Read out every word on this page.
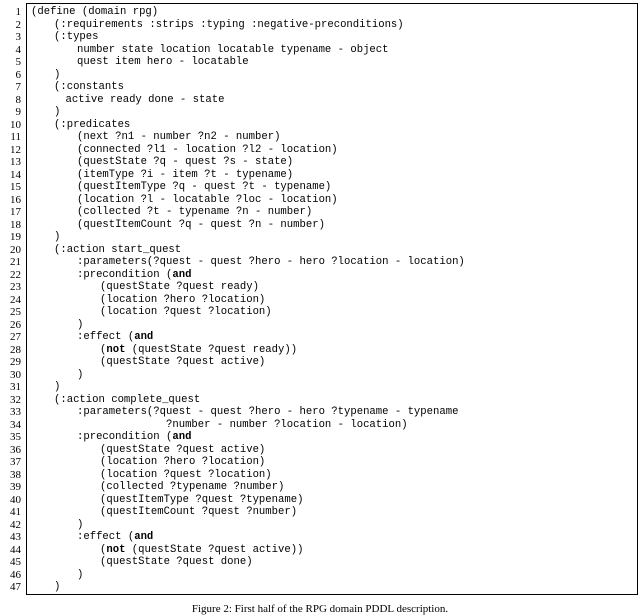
1 (define (domain rpg)
2	(:requirements :strips :typing :negative-preconditions)
3	(:types
4	number state location locatable typename - object
5	quest item hero - locatable
6	)
7	(:constants
8	active ready done - state
9	)
10	(:predicates
11	(next ?n1 - number ?n2 - number)
12	(connected ?l1 - location ?l2 - location)
13	(questState ?q - quest ?s - state)
14	(itemType ?i - item ?t - typename)
15	(questItemType ?q - quest ?t - typename)
16	(location ?l - locatable ?loc - location)
17	(collected ?t - typename ?n - number)
18	(questItemCount ?q - quest ?n - number)
19	)
20	(:action start_quest
21	:parameters(?quest - quest ?hero - hero ?location - location)
22	:precondition (and
23	(questState ?quest ready)
24	(location ?hero ?location)
25	(location ?quest ?location)
26	)
27	:effect (and
28	(not (questState ?quest ready))
29	(questState ?quest active)
30	)
31	)
32	(:action complete_quest
33	:parameters(?quest - quest ?hero - hero ?typename - typename
34	?number - number ?location - location)
35	:precondition (and
36	(questState ?quest active)
37	(location ?hero ?location)
38	(location ?quest ?location)
39	(collected ?typename ?number)
40	(questItemType ?quest ?typename)
41	(questItemCount ?quest ?number)
42	)
43	:effect (and
44	(not (questState ?quest active))
45	(questState ?quest done)
46	)
47	)
Figure 2: First half of the RPG domain PDDL description.
